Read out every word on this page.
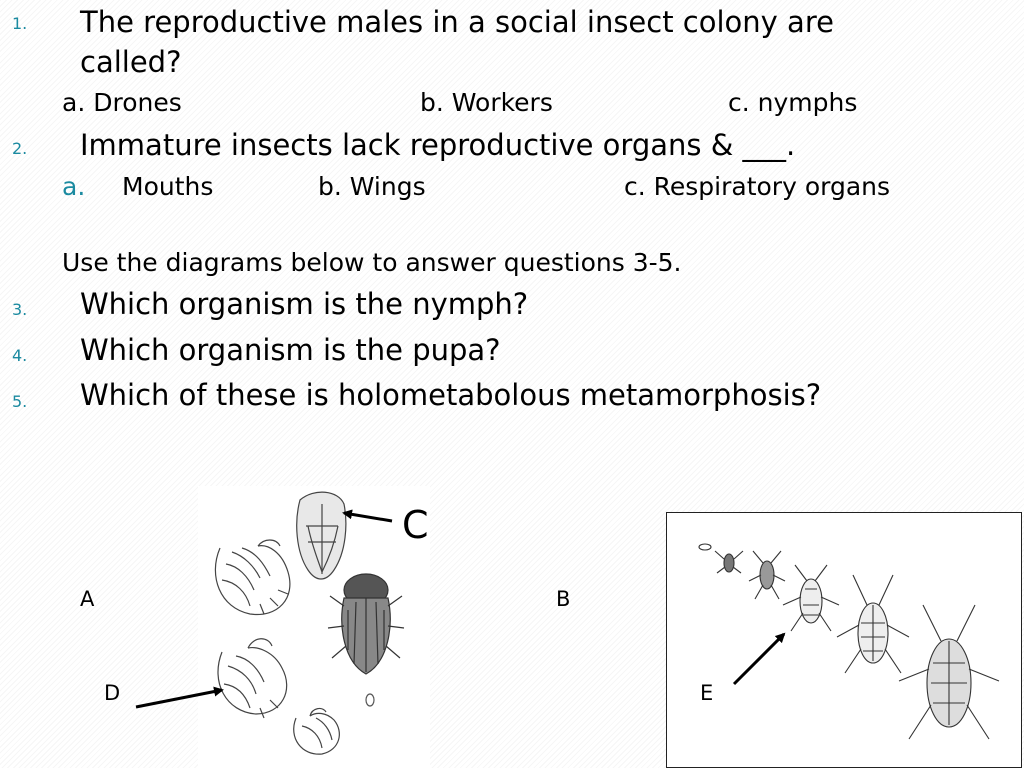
1. The reproductive males in a social insect colony are
called?
a. Drones	b. Workers	c. nymphs
2. Immature insects lack reproductive organs & ___.
a. Mouths	b. Wings	c. Respiratory organs
Use the diagrams below to answer questions 3-5.
3. Which organism is the nymph?
4. Which organism is the pupa?
5. Which of these is holometabolous metamorphosis?
A	B
C
D	E
